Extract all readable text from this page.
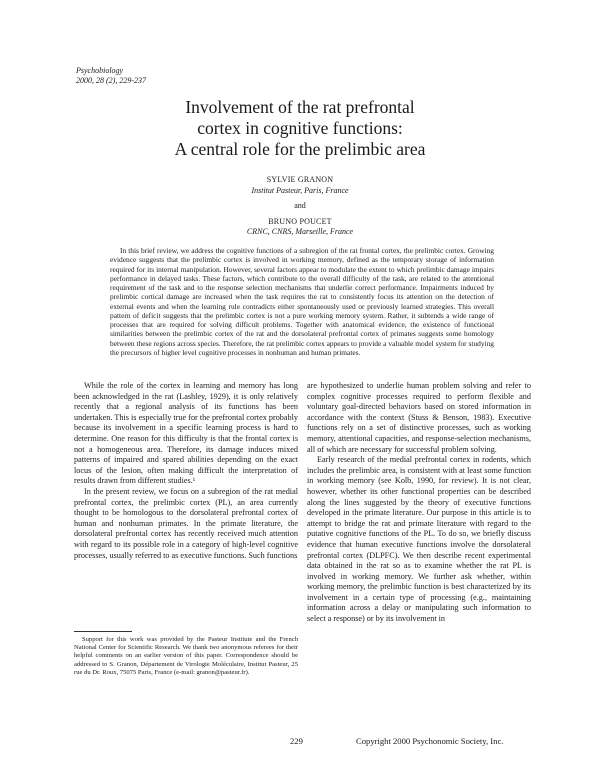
Psychobiology
2000, 28 (2), 229-237
Involvement of the rat prefrontal
cortex in cognitive functions:
A central role for the prelimbic area
SYLVIE GRANON
Institut Pasteur, Paris, France
and
BRUNO POUCET
CRNC, CNRS, Marseille, France

In this brief review, we address the cognitive functions of a subregion of the rat frontal cortex, the prelimbic cortex. Growing evidence suggests that the prelimbic cortex is involved in working memory, defined as the temporary storage of information required for its internal manipulation. However, several factors appear to modulate the extent to which prelimbic damage impairs performance in delayed tasks. These factors, which contribute to the overall difficulty of the task, are related to the attentional requirement of the task and to the response selection mechanisms that underlie correct performance. Impairments induced by prelimbic cortical damage are increased when the task requires the rat to consistently focus its attention on the detection of external events and when the learning rule contradicts either spontaneously used or previously learned strategies. This overall pattern of deficit suggests that the prelimbic cortex is not a pure working memory system. Rather, it subtends a wide range of processes that are required for solving difficult problems. Together with anatomical evidence, the existence of functional similarities between the prelimbic cortex of the rat and the dorsolateral prefrontal cortex of primates suggests some homology between these regions across species. Therefore, the rat prelimbic cortex appears to provide a valuable model system for studying the precursors of higher level cognitive processes in nonhuman and human primates.

While the role of the cortex in learning and memory has long been acknowledged in the rat (Lashley, 1929), it is only relatively recently that a regional analysis of its functions has been undertaken. This is especially true for the prefrontal cortex probably because its involvement in a specific learning process is hard to determine. One reason for this difficulty is that the frontal cortex is not a homogeneous area. Therefore, its damage induces mixed patterns of impaired and spared abilities depending on the exact locus of the lesion, often making difficult the interpretation of results drawn from different studies.¹

In the present review, we focus on a subregion of the rat medial prefrontal cortex, the prelimbic cortex (PL), an area currently thought to be homologous to the dorsolateral prefrontal cortex of human and nonhuman primates. In the primate literature, the dorsolateral prefrontal cortex has recently received much attention with regard to its possible role in a category of high-level cognitive processes, usually referred to as executive functions. Such functions

are hypothesized to underlie human problem solving and refer to complex cognitive processes required to perform flexible and voluntary goal-directed behaviors based on stored information in accordance with the context (Stuss & Benson, 1983). Executive functions rely on a set of distinctive processes, such as working memory, attentional capacities, and response-selection mechanisms, all of which are necessary for successful problem solving.

Early research of the medial prefrontal cortex in rodents, which includes the prelimbic area, is consistent with at least some function in working memory (see Kolb, 1990, for review). It is not clear, however, whether its other functional properties can be described along the lines suggested by the theory of executive functions developed in the primate literature. Our purpose in this article is to attempt to bridge the rat and primate literature with regard to the putative cognitive functions of the PL. To do so, we briefly discuss evidence that human executive functions involve the dorsolateral prefrontal cortex (DLPFC). We then describe recent experimental data obtained in the rat so as to examine whether the rat PL is involved in working memory. We further ask whether, within working memory, the prelimbic function is best characterized by its involvement in a certain type of processing (e.g., maintaining information across a delay or manipulating such information to select a response) or by its involvement in

Support for this work was provided by the Pasteur Institute and the French National Center for Scientific Research. We thank two anonymous referees for their helpful comments on an earlier version of this paper. Correspondence should be addressed to S. Granon, Département de Virologie Moléculaire, Institut Pasteur, 25 rue du Dr. Roux, 75075 Paris, France (e-mail: granon@pasteur.fr).

229	Copyright 2000 Psychonomic Society, Inc.
